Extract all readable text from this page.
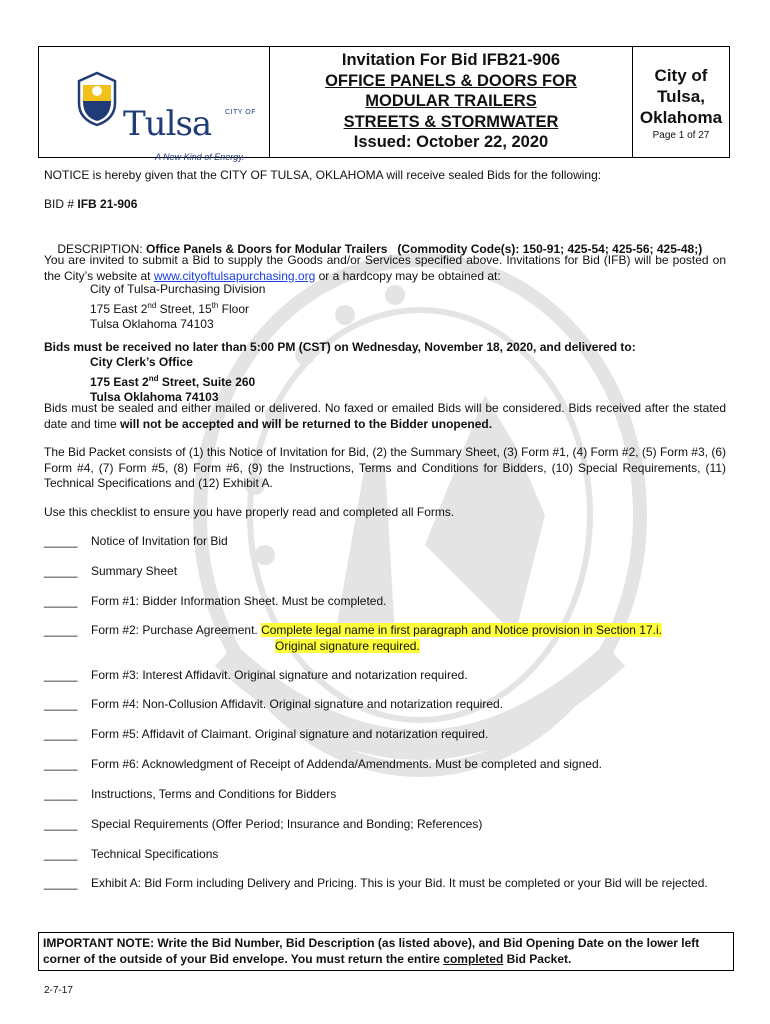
Tulsa CITY OF
A New Kind of Energy.
Invitation For Bid IFB21-906
OFFICE PANELS & DOORS FOR
MODULAR TRAILERS
STREETS & STORMWATER
Issued: October 22, 2020
City of Tulsa,
Oklahoma
Page 1 of 27
NOTICE is hereby given that the CITY OF TULSA, OKLAHOMA will receive sealed Bids for the following:
BID # IFB 21-906

DESCRIPTION: Office Panels & Doors for Modular Trailers   (Commodity Code(s): 150-91; 425-54; 425-56; 425-48;)

You are invited to submit a Bid to supply the Goods and/or Services specified above. Invitations for Bid (IFB) will be posted on the City’s website at www.cityoftulsapurchasing.org or a hardcopy may be obtained at:
City of Tulsa-Purchasing Division
175 East 2nd Street, 15th Floor
Tulsa Oklahoma 74103
Bids must be received no later than 5:00 PM (CST) on Wednesday, November 18, 2020, and delivered to:
City Clerk’s Office
175 East 2nd Street, Suite 260
Tulsa Oklahoma 74103
Bids must be sealed and either mailed or delivered. No faxed or emailed Bids will be considered. Bids received after the stated date and time will not be accepted and will be returned to the Bidder unopened.
The Bid Packet consists of (1) this Notice of Invitation for Bid, (2) the Summary Sheet, (3) Form #1, (4) Form #2, (5) Form #3, (6) Form #4, (7) Form #5, (8) Form #6, (9) the Instructions, Terms and Conditions for Bidders, (10) Special Requirements, (11) Technical Specifications and (12) Exhibit A.
Use this checklist to ensure you have properly read and completed all Forms.
_____ Notice of Invitation for Bid
_____ Summary Sheet
_____ Form #1: Bidder Information Sheet. Must be completed.
_____ Form #2: Purchase Agreement. Complete legal name in first paragraph and Notice provision in Section 17.i.
Original signature required.
_____ Form #3: Interest Affidavit. Original signature and notarization required.
_____ Form #4: Non-Collusion Affidavit. Original signature and notarization required.
_____ Form #5: Affidavit of Claimant. Original signature and notarization required.
_____ Form #6: Acknowledgment of Receipt of Addenda/Amendments. Must be completed and signed.
_____ Instructions, Terms and Conditions for Bidders
_____ Special Requirements (Offer Period; Insurance and Bonding; References)
_____ Technical Specifications
_____ Exhibit A: Bid Form including Delivery and Pricing. This is your Bid. It must be completed or your Bid will be rejected.
IMPORTANT NOTE: Write the Bid Number, Bid Description (as listed above), and Bid Opening Date on the lower left corner of the outside of your Bid envelope. You must return the entire completed Bid Packet.
2-7-17
